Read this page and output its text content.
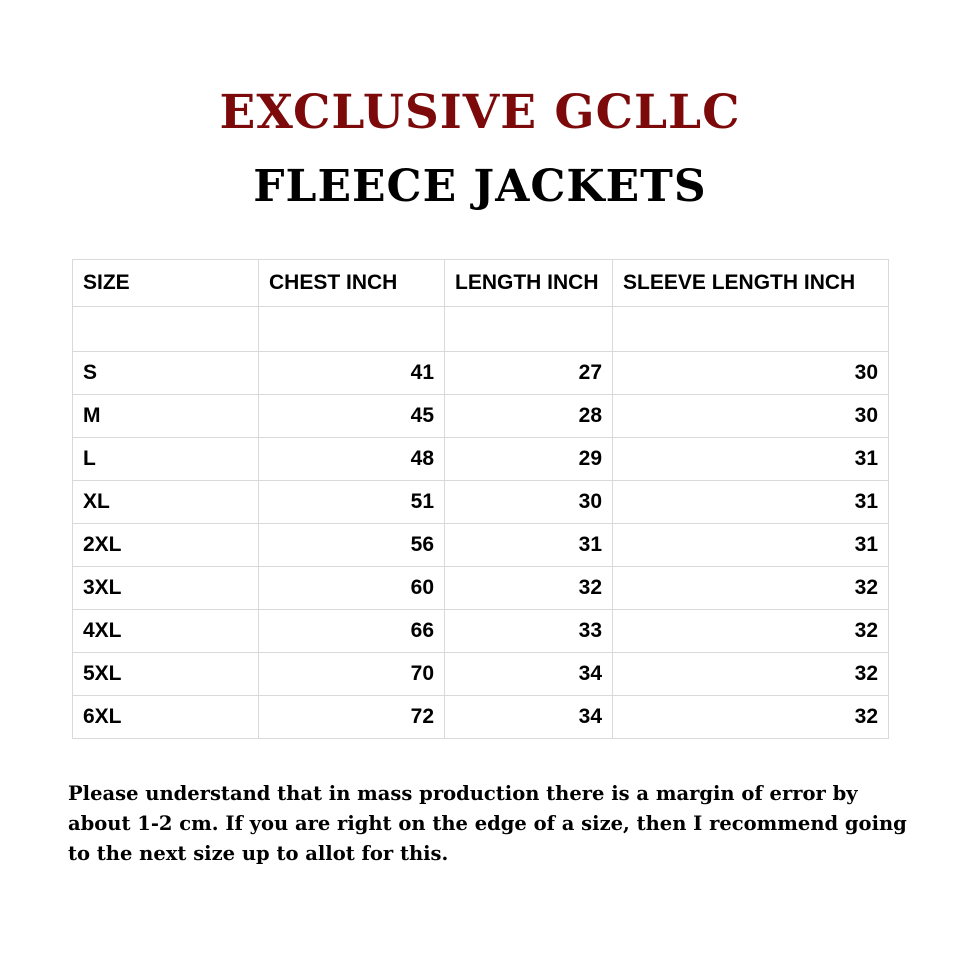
EXCLUSIVE GCLLC
FLEECE JACKETS
SIZE	CHEST INCH	LENGTH INCH	SLEEVE LENGTH INCH

S	41	27	30
M	45	28	30
L	48	29	31
XL	51	30	31
2XL	56	31	31
3XL	60	32	32
4XL	66	33	32
5XL	70	34	32
6XL	72	34	32

Please understand that in mass production there is a margin of error by about 1-2 cm. If you are right on the edge of a size, then I recommend going to the next size up to allot for this.
